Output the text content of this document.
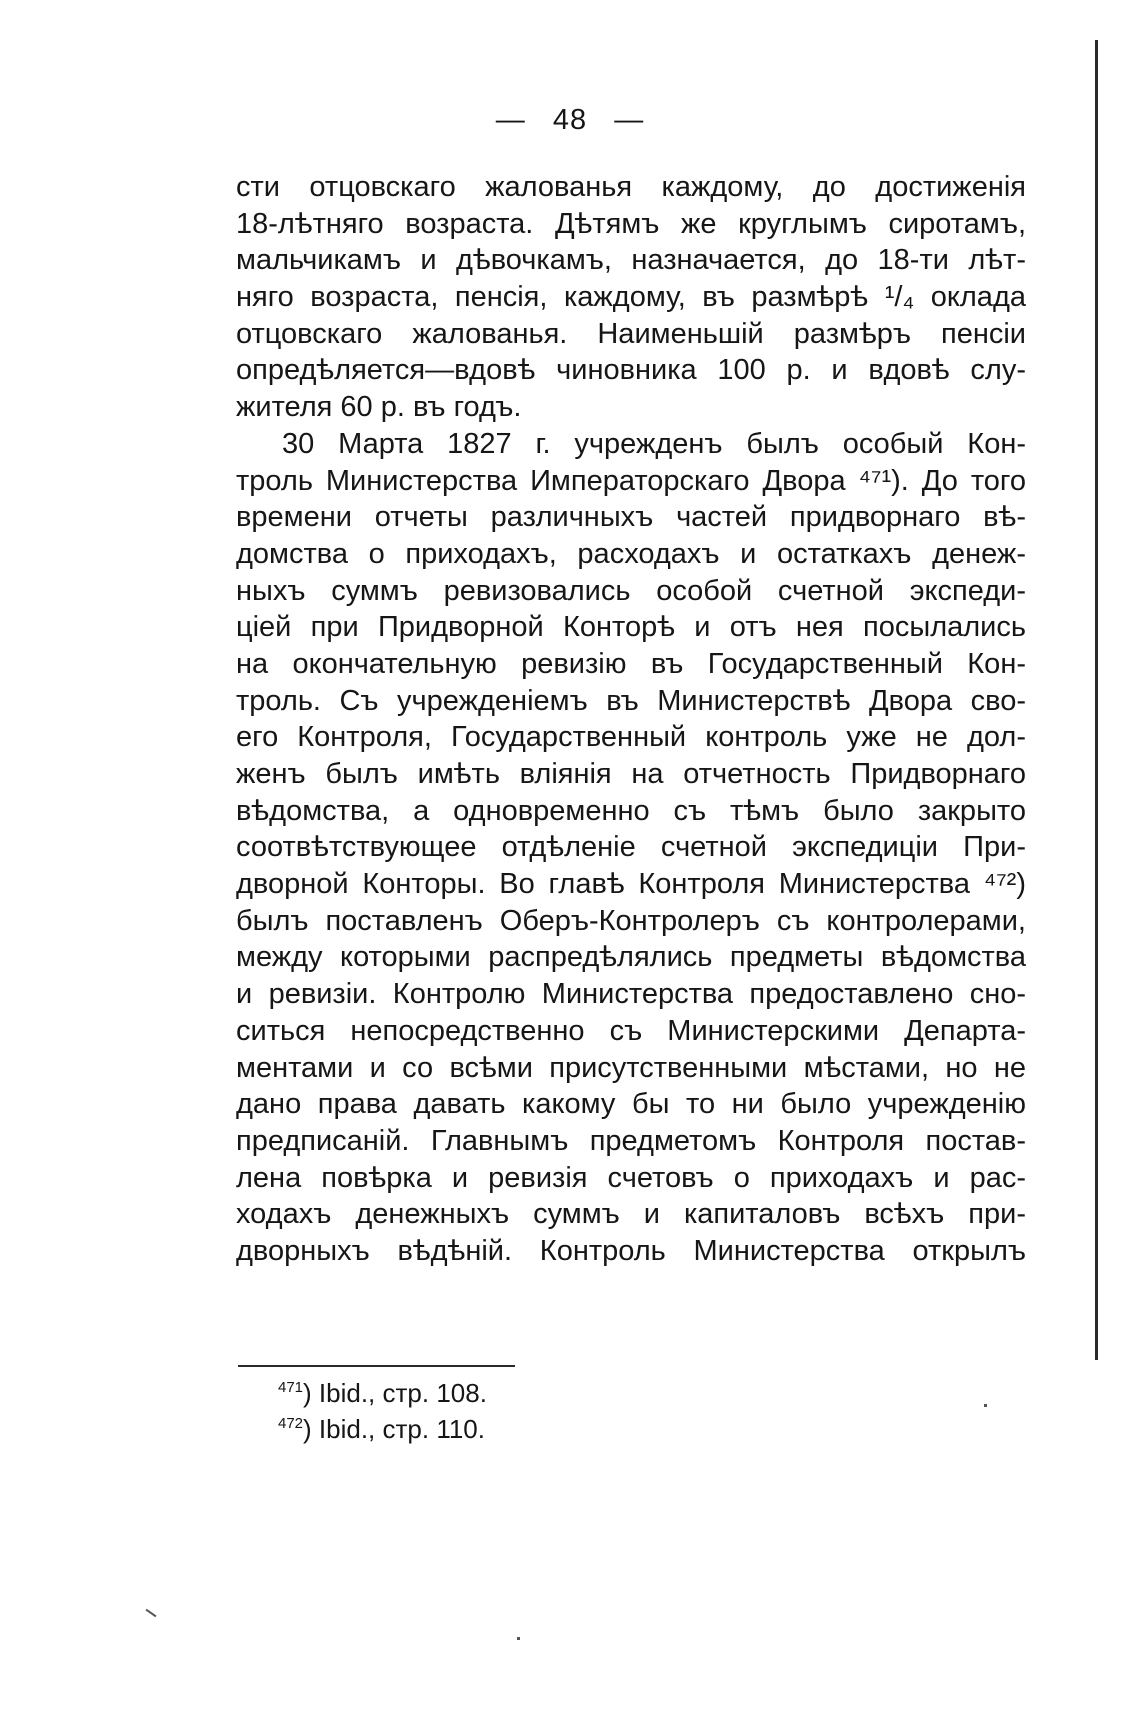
— 48 —
сти отцовскаго жалованья каждому, до достиженія
18-лѣтняго возраста. Дѣтямъ же круглымъ сиротамъ,
мальчикамъ и дѣвочкамъ, назначается, до 18-ти лѣт-
няго возраста, пенсія, каждому, въ размѣрѣ ¹/₄ оклада
отцовскаго жалованья. Наименьшій размѣръ пенсіи
опредѣляется—вдовѣ чиновника 100 р. и вдовѣ слу-
жителя 60 р. въ годъ.
30 Марта 1827 г. учрежденъ былъ особый Кон-
троль Министерства Императорскаго Двора ⁴⁷¹). До того
времени отчеты различныхъ частей придворнаго вѣ-
домства о приходахъ, расходахъ и остаткахъ денеж-
ныхъ суммъ ревизовались особой счетной экспеди-
ціей при Придворной Конторѣ и отъ нея посылались
на окончательную ревизію въ Государственный Кон-
троль. Съ учрежденіемъ въ Министерствѣ Двора сво-
его Контроля, Государственный контроль уже не дол-
женъ былъ имѣть вліянія на отчетность Придворнаго
вѣдомства, а одновременно съ тѣмъ было закрыто
соотвѣтствующее отдѣленіе счетной экспедиціи При-
дворной Конторы. Во главѣ Контроля Министерства ⁴⁷²)
былъ поставленъ Оберъ-Контролеръ съ контролерами,
между которыми распредѣлялись предметы вѣдомства
и ревизіи. Контролю Министерства предоставлено сно-
ситься непосредственно съ Министерскими Департа-
ментами и со всѣми присутственными мѣстами, но не
дано права давать какому бы то ни было учрежденію
предписаній. Главнымъ предметомъ Контроля постав-
лена повѣрка и ревизія счетовъ о приходахъ и рас-
ходахъ денежныхъ суммъ и капиталовъ всѣхъ при-
дворныхъ вѣдѣній. Контроль Министерства открылъ
$^{471}$) Ibid., стр. 108.
$^{472}$) Ibid., стр. 110.
